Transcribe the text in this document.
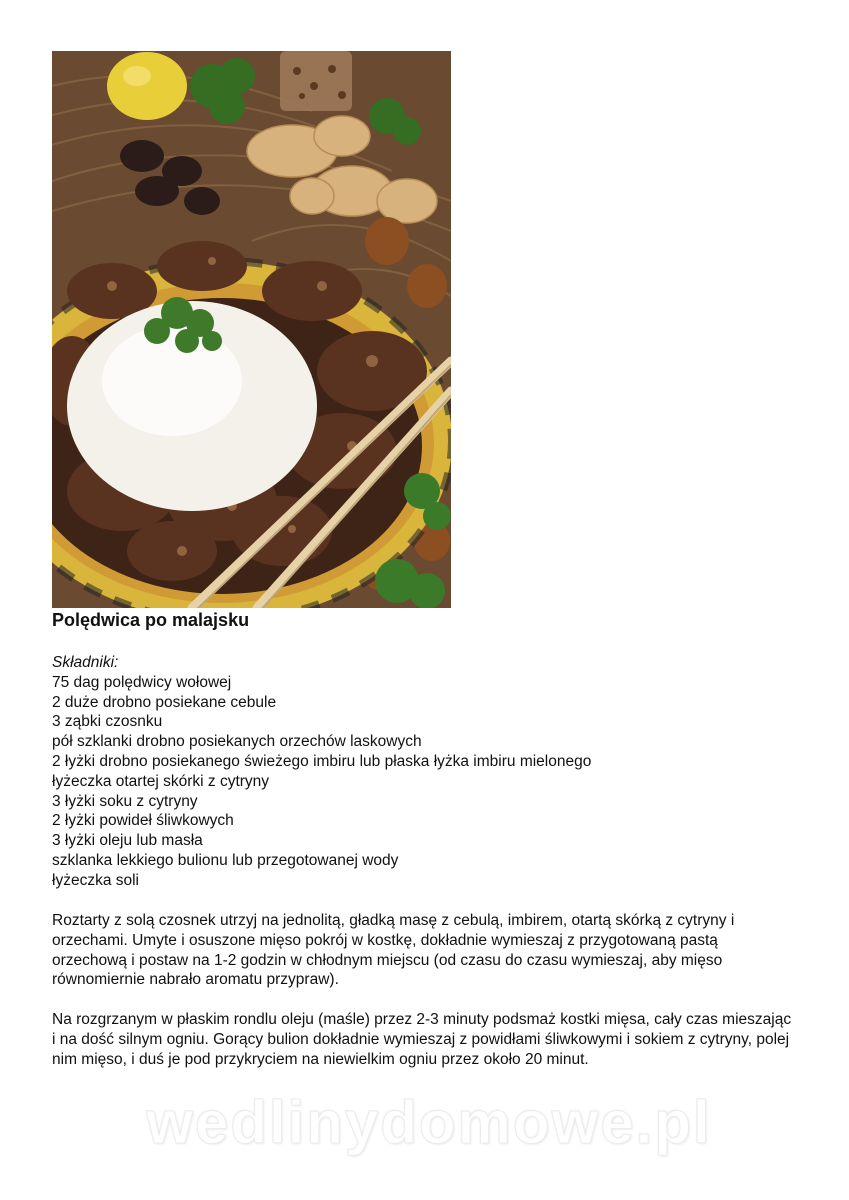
Polędwica po malajsku
Składniki:
75 dag polędwicy wołowej
2 duże drobno posiekane cebule
3 ząbki czosnku
pół szklanki drobno posiekanych orzechów laskowych
2 łyżki drobno posiekanego świeżego imbiru lub płaska łyżka imbiru mielonego
łyżeczka otartej skórki z cytryny
3 łyżki soku z cytryny
2 łyżki powideł śliwkowych
3 łyżki oleju lub masła
szklanka lekkiego bulionu lub przegotowanej wody
łyżeczka soli

Roztarty z solą czosnek utrzyj na jednolitą, gładką masę z cebulą, imbirem, otartą skórką z cytryny i orzechami. Umyte i osuszone mięso pokrój w kostkę, dokładnie wymieszaj z przygotowaną pastą orzechową i postaw na 1-2 godzin w chłodnym miejscu (od czasu do czasu wymieszaj, aby mięso równomiernie nabrało aromatu przypraw).

Na rozgrzanym w płaskim rondlu oleju (maśle) przez 2-3 minuty podsmaż kostki mięsa, cały czas mieszając i na dość silnym ogniu. Gorący bulion dokładnie wymieszaj z powidłami śliwkowymi i sokiem z cytryny, polej nim mięso, i duś je pod przykryciem na niewielkim ogniu przez około 20 minut.

wedlinydomowe.pl
